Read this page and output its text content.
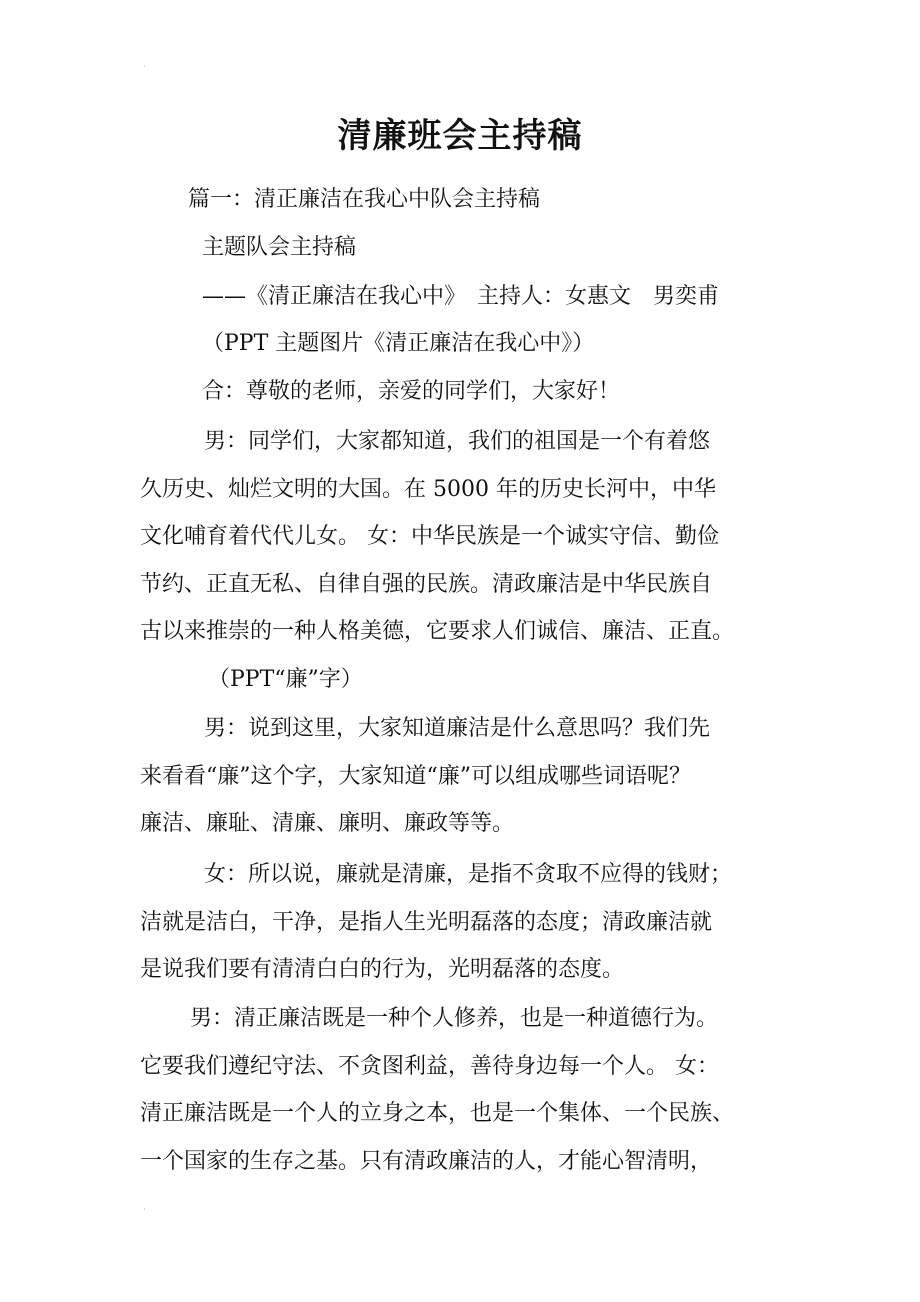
·
清廉班会主持稿
篇一：清正廉洁在我心中队会主持稿
主题队会主持稿
——《清正廉洁在我心中》　主持人：女惠文　男奕甫
（PPT 主题图片《清正廉洁在我心中》）
合：尊敬的老师，亲爱的同学们，大家好！
男：同学们，大家都知道，我们的祖国是一个有着悠
久历史、灿烂文明的大国。在 5000 年的历史长河中，中华
文化哺育着代代儿女。 女：中华民族是一个诚实守信、勤俭
节约、正直无私、自律自强的民族。清政廉洁是中华民族自
古以来推崇的一种人格美德，它要求人们诚信、廉洁、正直。
（PPT“廉”字）
男：说到这里，大家知道廉洁是什么意思吗？我们先
来看看“廉”这个字，大家知道“廉”可以组成哪些词语呢？
廉洁、廉耻、清廉、廉明、廉政等等。
女：所以说，廉就是清廉，是指不贪取不应得的钱财；
洁就是洁白，干净，是指人生光明磊落的态度；清政廉洁就
是说我们要有清清白白的行为，光明磊落的态度。
男：清正廉洁既是一种个人修养，也是一种道德行为。
它要我们遵纪守法、不贪图利益，善待身边每一个人。 女：
清正廉洁既是一个人的立身之本，也是一个集体、一个民族、
一个国家的生存之基。只有清政廉洁的人，才能心智清明，
·
